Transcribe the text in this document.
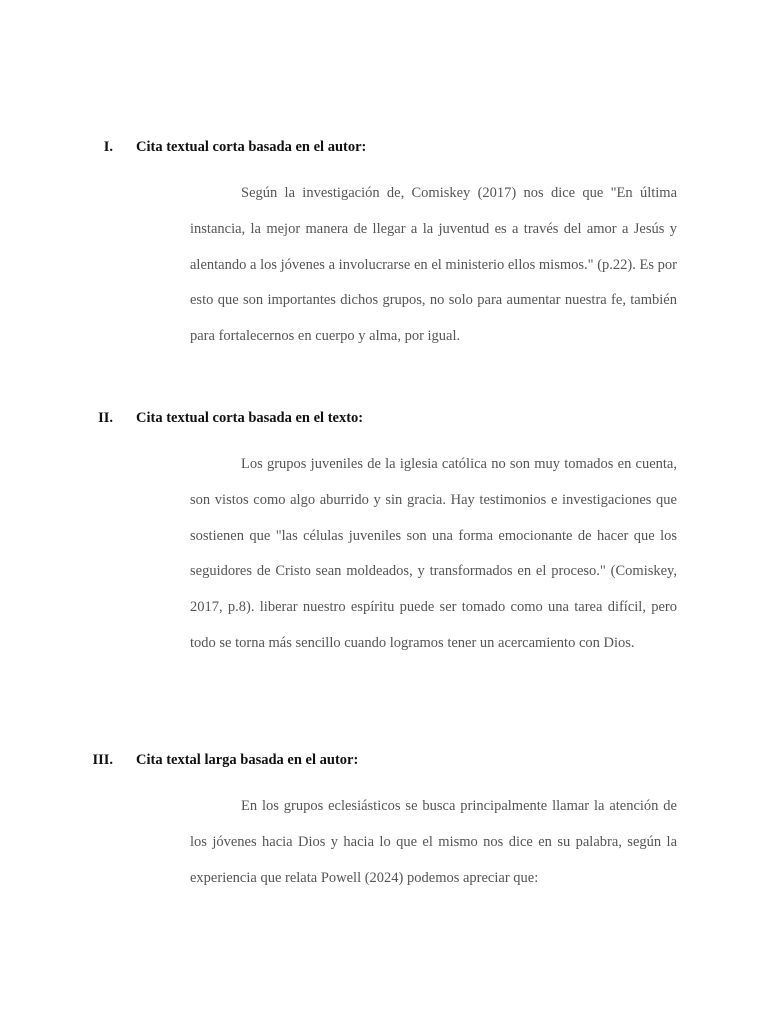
I. Cita textual corta basada en el autor:

Según la investigación de, Comiskey (2017) nos dice que "En última instancia, la mejor manera de llegar a la juventud es a través del amor a Jesús y alentando a los jóvenes a involucrarse en el ministerio ellos mismos." (p.22). Es por esto que son importantes dichos grupos, no solo para aumentar nuestra fe, también para fortalecernos en cuerpo y alma, por igual.

II. Cita textual corta basada en el texto:

Los grupos juveniles de la iglesia católica no son muy tomados en cuenta, son vistos como algo aburrido y sin gracia. Hay testimonios e investigaciones que sostienen que "las células juveniles son una forma emocionante de hacer que los seguidores de Cristo sean moldeados, y transformados en el proceso." (Comiskey, 2017, p.8). liberar nuestro espíritu puede ser tomado como una tarea difícil, pero todo se torna más sencillo cuando logramos tener un acercamiento con Dios.

III. Cita textal larga basada en el autor:

En los grupos eclesiásticos se busca principalmente llamar la atención de los jóvenes hacia Dios y hacia lo que el mismo nos dice en su palabra, según la experiencia que relata Powell (2024) podemos apreciar que:
